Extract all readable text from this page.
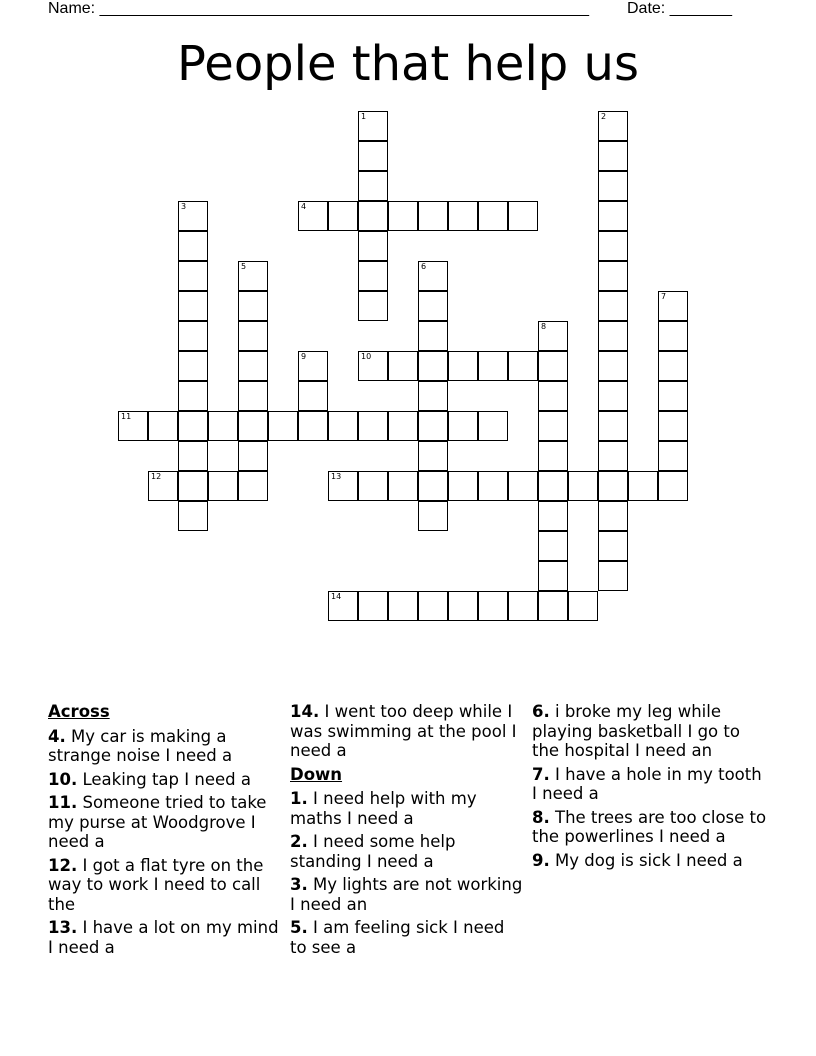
Name: _______________________________________________________ Date: _______
People that help us
1	2
3	4
5	6
7
8
9	10
11
12	13
14
Across
4. My car is making a strange noise I need a
10. Leaking tap I need a
11. Someone tried to take my purse at Woodgrove I need a
12. I got a flat tyre on the way to work I need to call the
13. I have a lot on my mind I need a
14. I went too deep while I was swimming at the pool I need a
Down
1. I need help with my maths I need a
2. I need some help standing I need a
3. My lights are not working I need an
5. I am feeling sick I need to see a
6. i broke my leg while playing basketball I go to the hospital I need an
7. I have a hole in my tooth I need a
8. The trees are too close to the powerlines I need a
9. My dog is sick I need a
